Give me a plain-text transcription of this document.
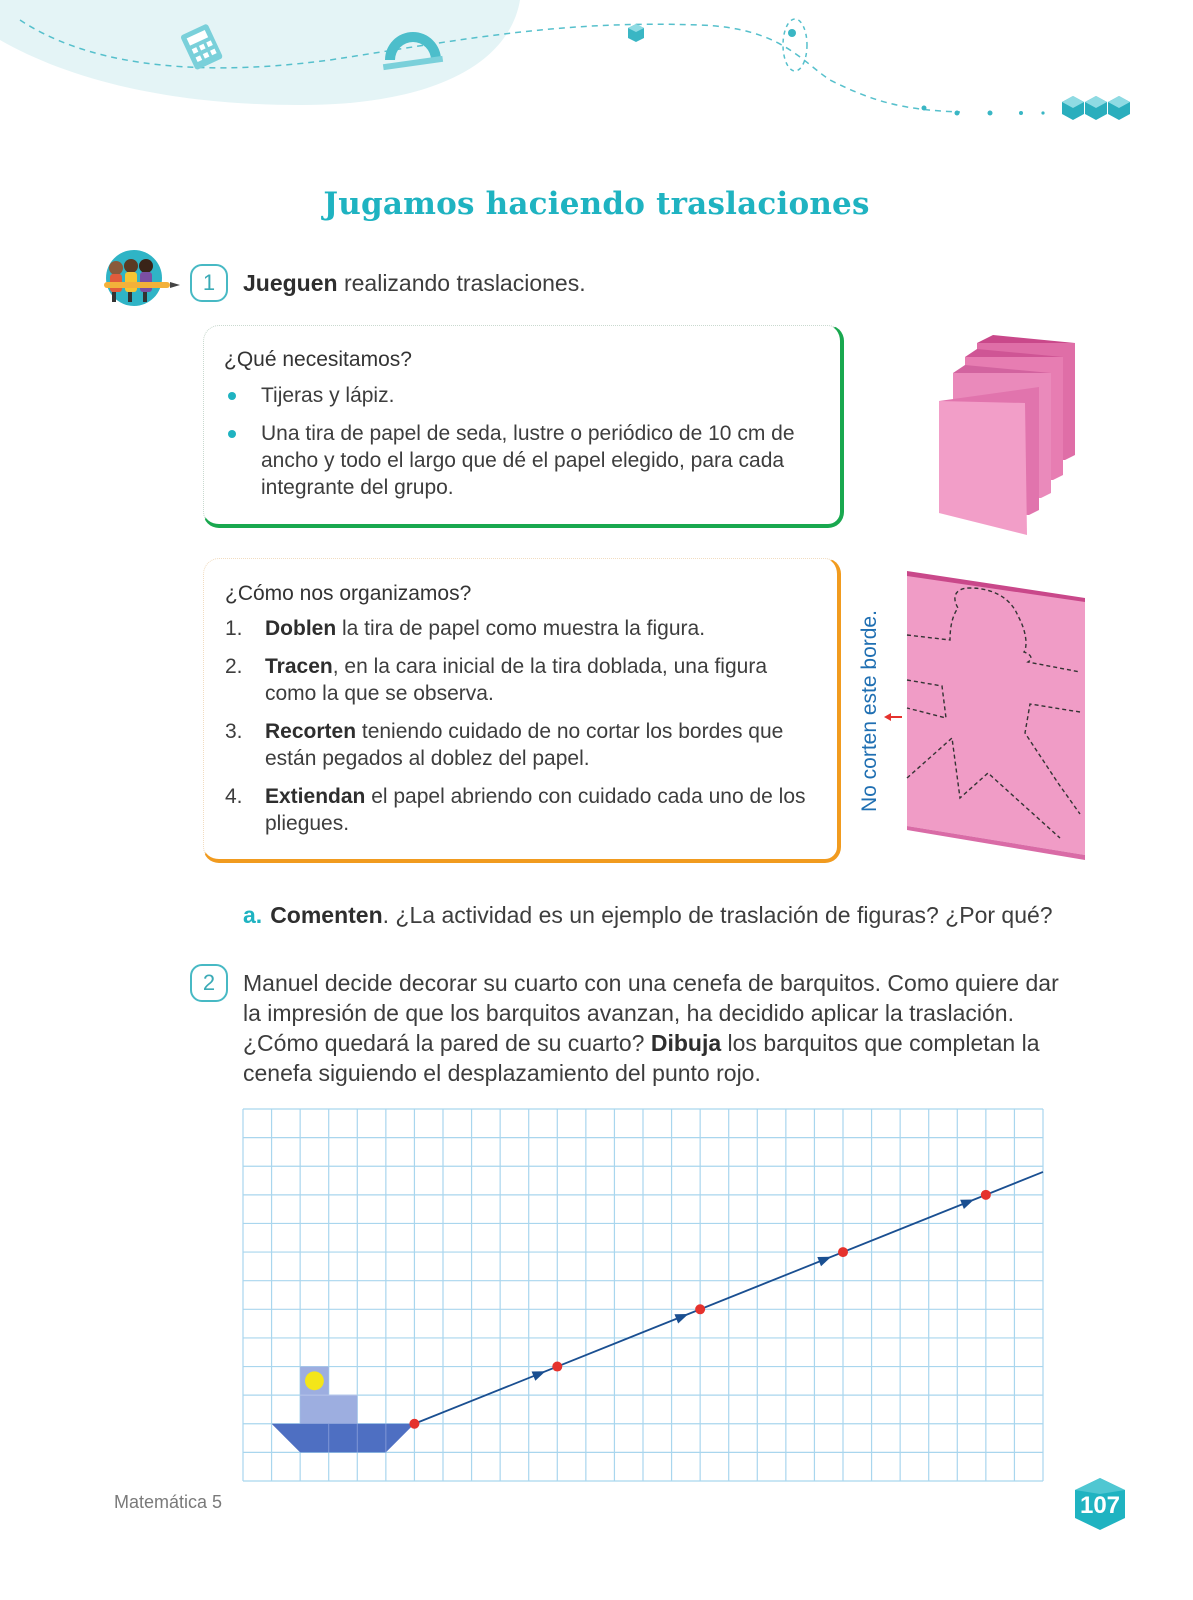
Jugamos haciendo traslaciones
1	Jueguen realizando traslaciones.
¿Qué necesitamos?
Tijeras y lápiz.
Una tira de papel de seda, lustre o periódico de 10 cm de ancho y todo el largo que dé el papel elegido, para cada integrante del grupo.
¿Cómo nos organizamos?
1. Doblen la tira de papel como muestra la figura.
2. Tracen, en la cara inicial de la tira doblada, una figura como la que se observa.
3. Recorten teniendo cuidado de no cortar los bordes que están pegados al doblez del papel.
4. Extiendan el papel abriendo con cuidado cada uno de los pliegues.
No corten este borde.
a. Comenten. ¿La actividad es un ejemplo de traslación de figuras? ¿Por qué?
2	Manuel decide decorar su cuarto con una cenefa de barquitos. Como quiere dar la impresión de que los barquitos avanzan, ha decidido aplicar la traslación. ¿Cómo quedará la pared de su cuarto? Dibuja los barquitos que completan la cenefa siguiendo el desplazamiento del punto rojo.
Matemática 5	107
